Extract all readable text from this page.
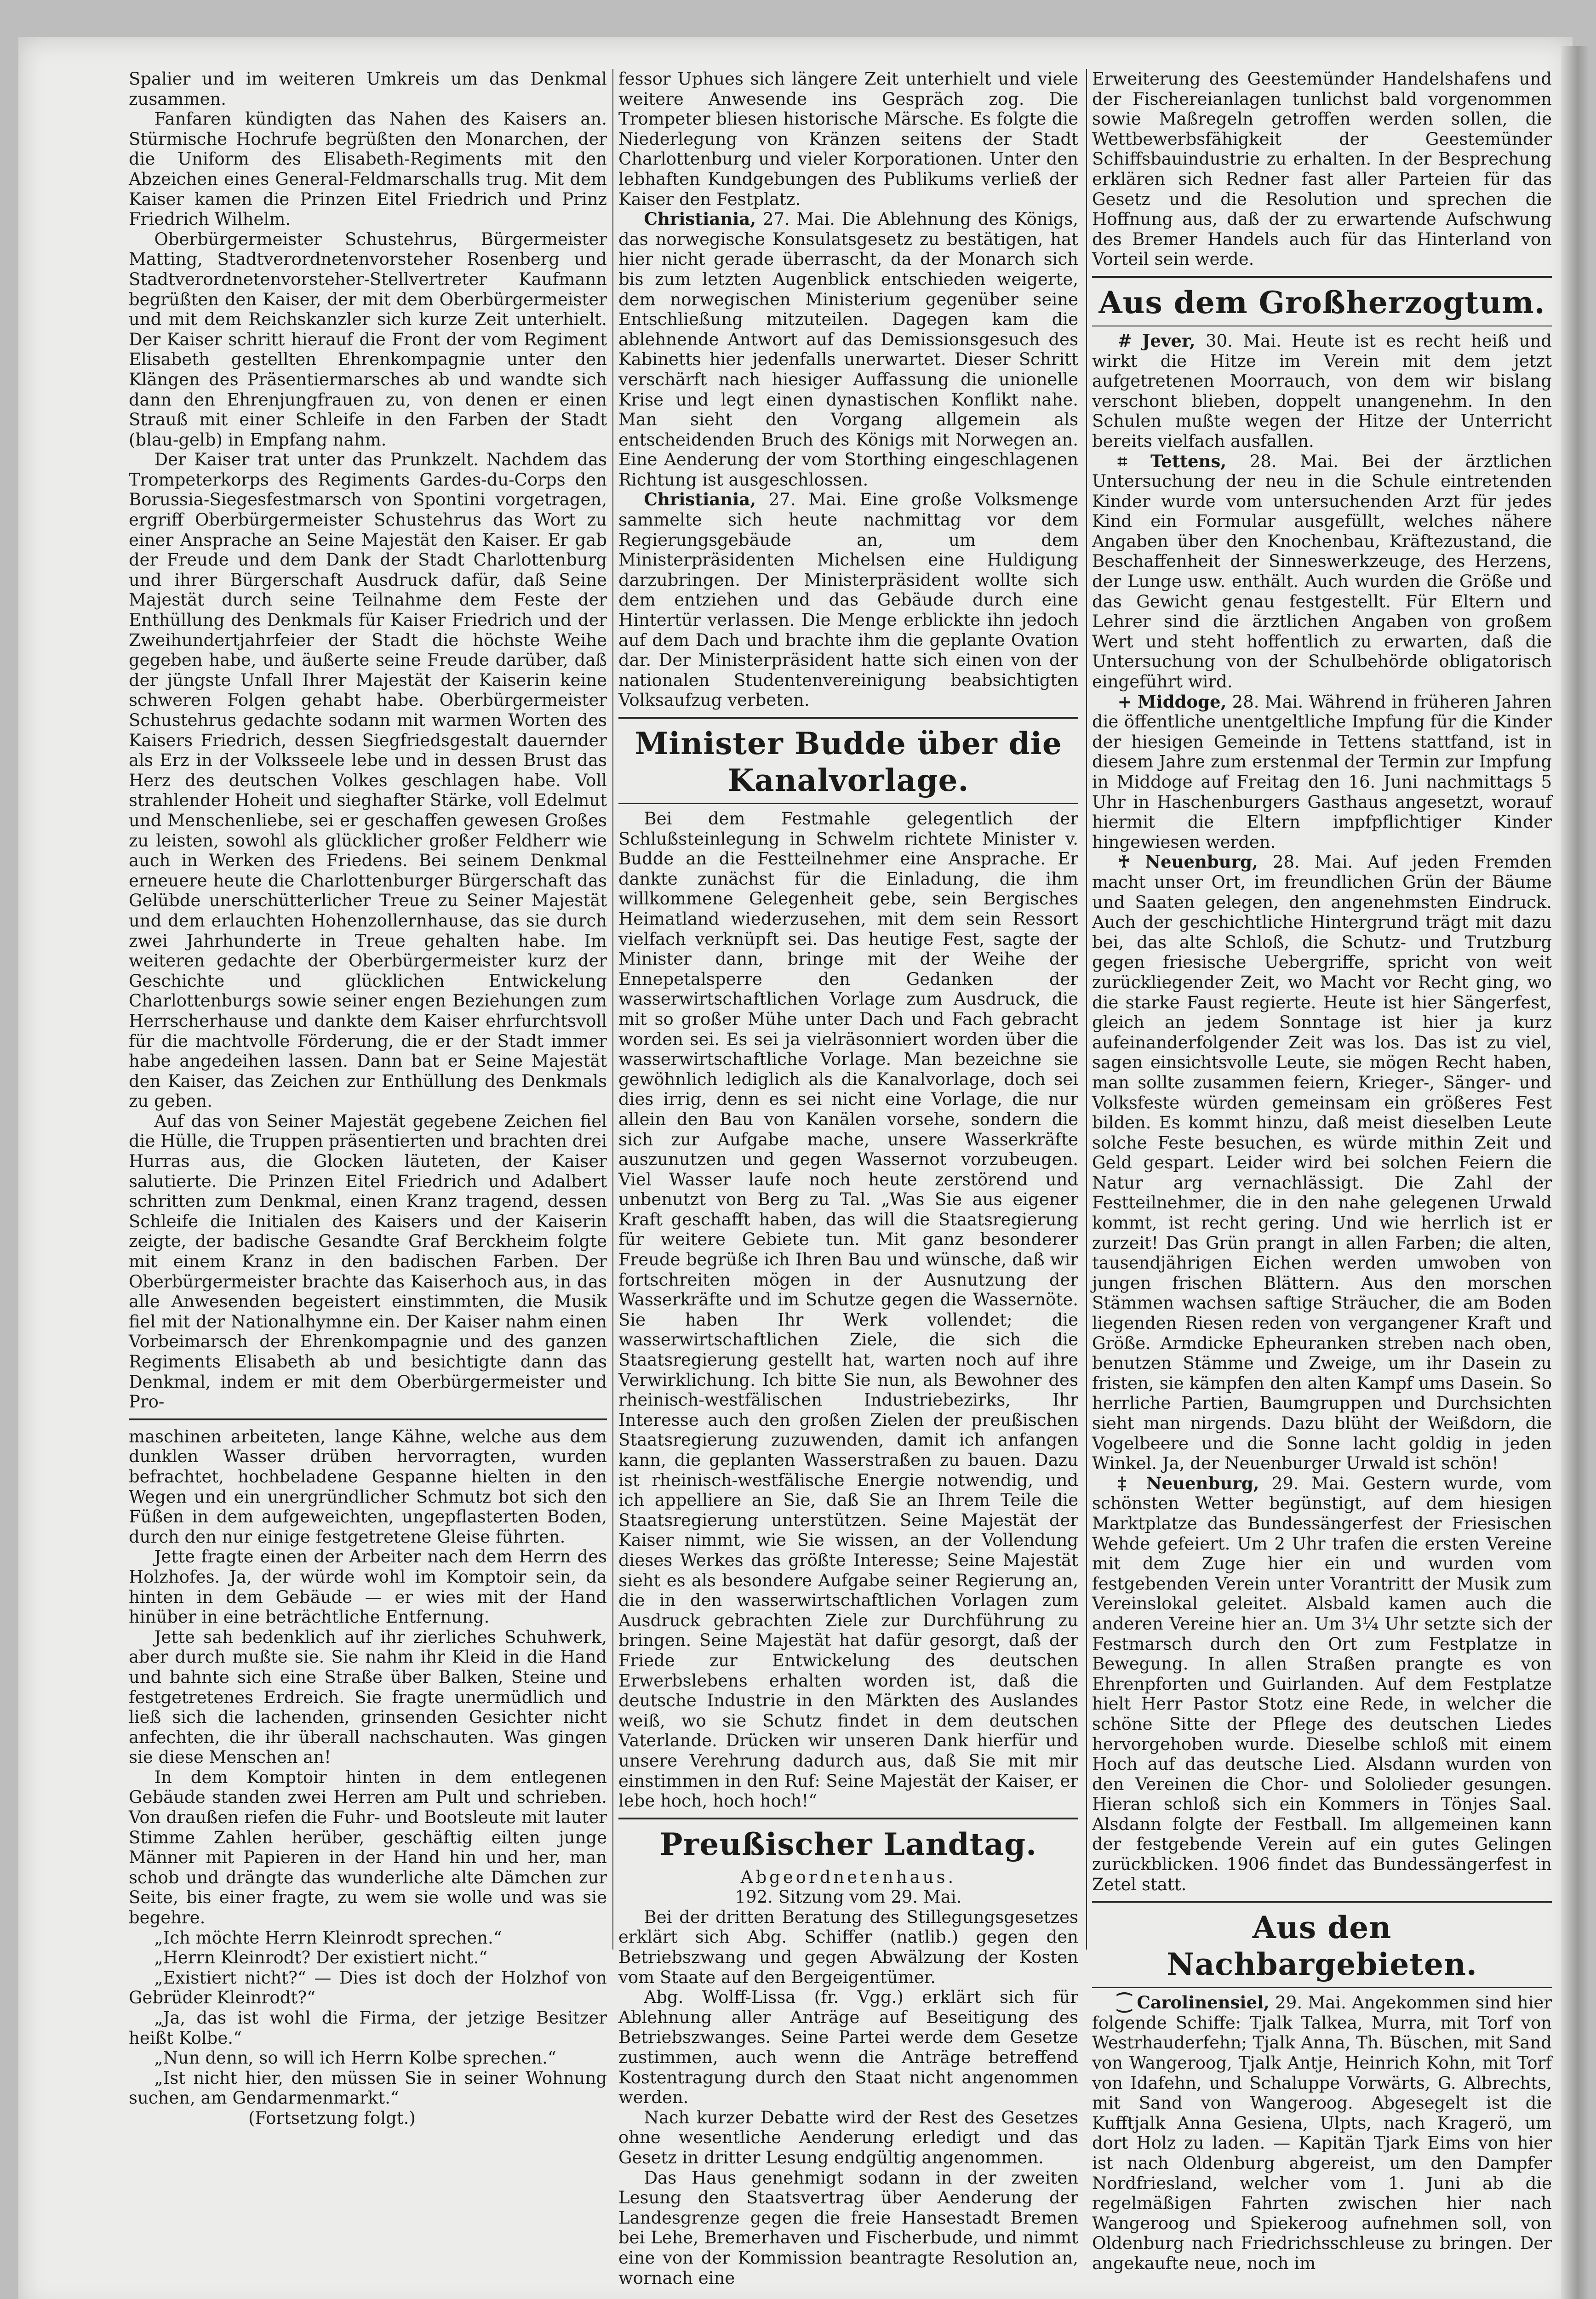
Spalier und im weiteren Umkreis um das Denkmal zusammen.

Fanfaren kündigten das Nahen des Kaisers an. Stürmische Hochrufe begrüßten den Monarchen, der die Uniform des Elisabeth-Regiments mit den Abzeichen eines General-Feldmarschalls trug. Mit dem Kaiser kamen die Prinzen Eitel Friedrich und Prinz Friedrich Wilhelm.

Oberbürgermeister Schustehrus, Bürgermeister Matting, Stadtverordnetenvorsteher Rosenberg und Stadtverordnetenvorsteher-Stellvertreter Kaufmann begrüßten den Kaiser, der mit dem Oberbürgermeister und mit dem Reichskanzler sich kurze Zeit unterhielt. Der Kaiser schritt hierauf die Front der vom Regiment Elisabeth gestellten Ehrenkompagnie unter den Klängen des Präsentiermarsches ab und wandte sich dann den Ehrenjungfrauen zu, von denen er einen Strauß mit einer Schleife in den Farben der Stadt (blau-gelb) in Empfang nahm.

Der Kaiser trat unter das Prunkzelt. Nachdem das Trompeterkorps des Regiments Gardes-du-Corps den Borussia-Siegesfestmarsch von Spontini vorgetragen, ergriff Oberbürgermeister Schustehrus das Wort zu einer Ansprache an Seine Majestät den Kaiser. Er gab der Freude und dem Dank der Stadt Charlottenburg und ihrer Bürgerschaft Ausdruck dafür, daß Seine Majestät durch seine Teilnahme dem Feste der Enthüllung des Denkmals für Kaiser Friedrich und der Zweihundertjahrfeier der Stadt die höchste Weihe gegeben habe, und äußerte seine Freude darüber, daß der jüngste Unfall Ihrer Majestät der Kaiserin keine schweren Folgen gehabt habe. Oberbürgermeister Schustehrus gedachte sodann mit warmen Worten des Kaisers Friedrich, dessen Siegfriedsgestalt dauernder als Erz in der Volksseele lebe und in dessen Brust das Herz des deutschen Volkes geschlagen habe. Voll strahlender Hoheit und sieghafter Stärke, voll Edelmut und Menschenliebe, sei er geschaffen gewesen Großes zu leisten, sowohl als glücklicher großer Feldherr wie auch in Werken des Friedens. Bei seinem Denkmal erneuere heute die Charlottenburger Bürgerschaft das Gelübde unerschütterlicher Treue zu Seiner Majestät und dem erlauchten Hohenzollernhause, das sie durch zwei Jahrhunderte in Treue gehalten habe. Im weiteren gedachte der Oberbürgermeister kurz der Geschichte und glücklichen Entwickelung Charlottenburgs sowie seiner engen Beziehungen zum Herrscherhause und dankte dem Kaiser ehrfurchtsvoll für die machtvolle Förderung, die er der Stadt immer habe angedeihen lassen. Dann bat er Seine Majestät den Kaiser, das Zeichen zur Enthüllung des Denkmals zu geben.

Auf das von Seiner Majestät gegebene Zeichen fiel die Hülle, die Truppen präsentierten und brachten drei Hurras aus, die Glocken läuteten, der Kaiser salutierte. Die Prinzen Eitel Friedrich und Adalbert schritten zum Denkmal, einen Kranz tragend, dessen Schleife die Initialen des Kaisers und der Kaiserin zeigte, der badische Gesandte Graf Berckheim folgte mit einem Kranz in den badischen Farben. Der Oberbürgermeister brachte das Kaiserhoch aus, in das alle Anwesenden begeistert einstimmten, die Musik fiel mit der Nationalhymne ein. Der Kaiser nahm einen Vorbeimarsch der Ehrenkompagnie und des ganzen Regiments Elisabeth ab und besichtigte dann das Denkmal, indem er mit dem Oberbürgermeister und Pro-

maschinen arbeiteten, lange Kähne, welche aus dem dunklen Wasser drüben hervorragten, wurden befrachtet, hochbeladene Gespanne hielten in den Wegen und ein unergründlicher Schmutz bot sich den Füßen in dem aufgeweichten, ungepflasterten Boden, durch den nur einige festgetretene Gleise führten.

Jette fragte einen der Arbeiter nach dem Herrn des Holzhofes. Ja, der würde wohl im Komptoir sein, da hinten in dem Gebäude — er wies mit der Hand hinüber in eine beträchtliche Entfernung.

Jette sah bedenklich auf ihr zierliches Schuhwerk, aber durch mußte sie. Sie nahm ihr Kleid in die Hand und bahnte sich eine Straße über Balken, Steine und festgetretenes Erdreich. Sie fragte unermüdlich und ließ sich die lachenden, grinsenden Gesichter nicht anfechten, die ihr überall nachschauten. Was gingen sie diese Menschen an!

In dem Komptoir hinten in dem entlegenen Gebäude standen zwei Herren am Pult und schrieben. Von draußen riefen die Fuhr- und Bootsleute mit lauter Stimme Zahlen herüber, geschäftig eilten junge Männer mit Papieren in der Hand hin und her, man schob und drängte das wunderliche alte Dämchen zur Seite, bis einer fragte, zu wem sie wolle und was sie begehre.

„Ich möchte Herrn Kleinrodt sprechen.“

„Herrn Kleinrodt? Der existiert nicht.“

„Existiert nicht?“ — Dies ist doch der Holzhof von Gebrüder Kleinrodt?“

„Ja, das ist wohl die Firma, der jetzige Besitzer heißt Kolbe.“

„Nun denn, so will ich Herrn Kolbe sprechen.“

„Ist nicht hier, den müssen Sie in seiner Wohnung suchen, am Gendarmenmarkt.“

(Fortsetzung folgt.)

fessor Uphues sich längere Zeit unterhielt und viele weitere Anwesende ins Gespräch zog. Die Trompeter bliesen historische Märsche. Es folgte die Niederlegung von Kränzen seitens der Stadt Charlottenburg und vieler Korporationen. Unter den lebhaften Kundgebungen des Publikums verließ der Kaiser den Festplatz.

Christiania, 27. Mai. Die Ablehnung des Königs, das norwegische Konsulatsgesetz zu bestätigen, hat hier nicht gerade überrascht, da der Monarch sich bis zum letzten Augenblick entschieden weigerte, dem norwegischen Ministerium gegenüber seine Entschließung mitzuteilen. Dagegen kam die ablehnende Antwort auf das Demissionsgesuch des Kabinetts hier jedenfalls unerwartet. Dieser Schritt verschärft nach hiesiger Auffassung die unionelle Krise und legt einen dynastischen Konflikt nahe. Man sieht den Vorgang allgemein als entscheidenden Bruch des Königs mit Norwegen an. Eine Aenderung der vom Storthing eingeschlagenen Richtung ist ausgeschlossen.

Christiania, 27. Mai. Eine große Volksmenge sammelte sich heute nachmittag vor dem Regierungsgebäude an, um dem Ministerpräsidenten Michelsen eine Huldigung darzubringen. Der Ministerpräsident wollte sich dem entziehen und das Gebäude durch eine Hintertür verlassen. Die Menge erblickte ihn jedoch auf dem Dach und brachte ihm die geplante Ovation dar. Der Ministerpräsident hatte sich einen von der nationalen Studentenvereinigung beabsichtigten Volksaufzug verbeten.

Minister Budde über die Kanalvorlage.

Bei dem Festmahle gelegentlich der Schlußsteinlegung in Schwelm richtete Minister v. Budde an die Festteilnehmer eine Ansprache. Er dankte zunächst für die Einladung, die ihm willkommene Gelegenheit gebe, sein Bergisches Heimatland wiederzusehen, mit dem sein Ressort vielfach verknüpft sei. Das heutige Fest, sagte der Minister dann, bringe mit der Weihe der Ennepetalsperre den Gedanken der wasserwirtschaftlichen Vorlage zum Ausdruck, die mit so großer Mühe unter Dach und Fach gebracht worden sei. Es sei ja vielräsonniert worden über die wasserwirtschaftliche Vorlage. Man bezeichne sie gewöhnlich lediglich als die Kanalvorlage, doch sei dies irrig, denn es sei nicht eine Vorlage, die nur allein den Bau von Kanälen vorsehe, sondern die sich zur Aufgabe mache, unsere Wasserkräfte auszunutzen und gegen Wassernot vorzubeugen. Viel Wasser laufe noch heute zerstörend und unbenutzt von Berg zu Tal. „Was Sie aus eigener Kraft geschafft haben, das will die Staatsregierung für weitere Gebiete tun. Mit ganz besonderer Freude begrüße ich Ihren Bau und wünsche, daß wir fortschreiten mögen in der Ausnutzung der Wasserkräfte und im Schutze gegen die Wassernöte. Sie haben Ihr Werk vollendet; die wasserwirtschaftlichen Ziele, die sich die Staatsregierung gestellt hat, warten noch auf ihre Verwirklichung. Ich bitte Sie nun, als Bewohner des rheinisch-westfälischen Industriebezirks, Ihr Interesse auch den großen Zielen der preußischen Staatsregierung zuzuwenden, damit ich anfangen kann, die geplanten Wasserstraßen zu bauen. Dazu ist rheinisch-westfälische Energie notwendig, und ich appelliere an Sie, daß Sie an Ihrem Teile die Staatsregierung unterstützen. Seine Majestät der Kaiser nimmt, wie Sie wissen, an der Vollendung dieses Werkes das größte Interesse; Seine Majestät sieht es als besondere Aufgabe seiner Regierung an, die in den wasserwirtschaftlichen Vorlagen zum Ausdruck gebrachten Ziele zur Durchführung zu bringen. Seine Majestät hat dafür gesorgt, daß der Friede zur Entwickelung des deutschen Erwerbslebens erhalten worden ist, daß die deutsche Industrie in den Märkten des Auslandes weiß, wo sie Schutz findet in dem deutschen Vaterlande. Drücken wir unseren Dank hierfür und unsere Verehrung dadurch aus, daß Sie mit mir einstimmen in den Ruf: Seine Majestät der Kaiser, er lebe hoch, hoch hoch!“

Preußischer Landtag.

Abgeordnetenhaus.

192. Sitzung vom 29. Mai.

Bei der dritten Beratung des Stillegungsgesetzes erklärt sich Abg. Schiffer (natlib.) gegen den Betriebszwang und gegen Abwälzung der Kosten vom Staate auf den Bergeigentümer.

Abg. Wolff-Lissa (fr. Vgg.) erklärt sich für Ablehnung aller Anträge auf Beseitigung des Betriebszwanges. Seine Partei werde dem Gesetze zustimmen, auch wenn die Anträge betreffend Kostentragung durch den Staat nicht angenommen werden.

Nach kurzer Debatte wird der Rest des Gesetzes ohne wesentliche Aenderung erledigt und das Gesetz in dritter Lesung endgültig angenommen.

Das Haus genehmigt sodann in der zweiten Lesung den Staatsvertrag über Aenderung der Landesgrenze gegen die freie Hansestadt Bremen bei Lehe, Bremerhaven und Fischerbude, und nimmt eine von der Kommission beantragte Resolution an, wornach eine

Erweiterung des Geestemünder Handelshafens und der Fischereianlagen tunlichst bald vorgenommen sowie Maßregeln getroffen werden sollen, die Wettbewerbsfähigkeit der Geestemünder Schiffsbauindustrie zu erhalten. In der Besprechung erklären sich Redner fast aller Parteien für das Gesetz und die Resolution und sprechen die Hoffnung aus, daß der zu erwartende Aufschwung des Bremer Handels auch für das Hinterland von Vorteil sein werde.

Aus dem Großherzogtum.

# Jever, 30. Mai. Heute ist es recht heiß und wirkt die Hitze im Verein mit dem jetzt aufgetretenen Moorrauch, von dem wir bislang verschont blieben, doppelt unangenehm. In den Schulen mußte wegen der Hitze der Unterricht bereits vielfach ausfallen.

⌗ Tettens, 28. Mai. Bei der ärztlichen Untersuchung der neu in die Schule eintretenden Kinder wurde vom untersuchenden Arzt für jedes Kind ein Formular ausgefüllt, welches nähere Angaben über den Knochenbau, Kräftezustand, die Beschaffenheit der Sinneswerkzeuge, des Herzens, der Lunge usw. enthält. Auch wurden die Größe und das Gewicht genau festgestellt. Für Eltern und Lehrer sind die ärztlichen Angaben von großem Wert und steht hoffentlich zu erwarten, daß die Untersuchung von der Schulbehörde obligatorisch eingeführt wird.

+ Middoge, 28. Mai. Während in früheren Jahren die öffentliche unentgeltliche Impfung für die Kinder der hiesigen Gemeinde in Tettens stattfand, ist in diesem Jahre zum erstenmal der Termin zur Impfung in Middoge auf Freitag den 16. Juni nachmittags 5 Uhr in Haschenburgers Gasthaus angesetzt, worauf hiermit die Eltern impfpflichtiger Kinder hingewiesen werden.

♰ Neuenburg, 28. Mai. Auf jeden Fremden macht unser Ort, im freundlichen Grün der Bäume und Saaten gelegen, den angenehmsten Eindruck. Auch der geschichtliche Hintergrund trägt mit dazu bei, das alte Schloß, die Schutz- und Trutzburg gegen friesische Uebergriffe, spricht von weit zurückliegender Zeit, wo Macht vor Recht ging, wo die starke Faust regierte. Heute ist hier Sängerfest, gleich an jedem Sonntage ist hier ja kurz aufeinanderfolgender Zeit was los. Das ist zu viel, sagen einsichtsvolle Leute, sie mögen Recht haben, man sollte zusammen feiern, Krieger-, Sänger- und Volksfeste würden gemeinsam ein größeres Fest bilden. Es kommt hinzu, daß meist dieselben Leute solche Feste besuchen, es würde mithin Zeit und Geld gespart. Leider wird bei solchen Feiern die Natur arg vernachlässigt. Die Zahl der Festteilnehmer, die in den nahe gelegenen Urwald kommt, ist recht gering. Und wie herrlich ist er zurzeit! Das Grün prangt in allen Farben; die alten, tausendjährigen Eichen werden umwoben von jungen frischen Blättern. Aus den morschen Stämmen wachsen saftige Sträucher, die am Boden liegenden Riesen reden von vergangener Kraft und Größe. Armdicke Epheuranken streben nach oben, benutzen Stämme und Zweige, um ihr Dasein zu fristen, sie kämpfen den alten Kampf ums Dasein. So herrliche Partien, Baumgruppen und Durchsichten sieht man nirgends. Dazu blüht der Weißdorn, die Vogelbeere und die Sonne lacht goldig in jeden Winkel. Ja, der Neuenburger Urwald ist schön!

‡ Neuenburg, 29. Mai. Gestern wurde, vom schönsten Wetter begünstigt, auf dem hiesigen Marktplatze das Bundessängerfest der Friesischen Wehde gefeiert. Um 2 Uhr trafen die ersten Vereine mit dem Zuge hier ein und wurden vom festgebenden Verein unter Vorantritt der Musik zum Vereinslokal geleitet. Alsbald kamen auch die anderen Vereine hier an. Um 3¼ Uhr setzte sich der Festmarsch durch den Ort zum Festplatze in Bewegung. In allen Straßen prangte es von Ehrenpforten und Guirlanden. Auf dem Festplatze hielt Herr Pastor Stotz eine Rede, in welcher die schöne Sitte der Pflege des deutschen Liedes hervorgehoben wurde. Dieselbe schloß mit einem Hoch auf das deutsche Lied. Alsdann wurden von den Vereinen die Chor- und Sololieder gesungen. Hieran schloß sich ein Kommers in Tönjes Saal. Alsdann folgte der Festball. Im allgemeinen kann der festgebende Verein auf ein gutes Gelingen zurückblicken. 1906 findet das Bundessängerfest in Zetel statt.

Aus den Nachbargebieten.

⁐ Carolinensiel, 29. Mai. Angekommen sind hier folgende Schiffe: Tjalk Talkea, Murra, mit Torf von Westrhauderfehn; Tjalk Anna, Th. Büschen, mit Sand von Wangeroog, Tjalk Antje, Heinrich Kohn, mit Torf von Idafehn, und Schaluppe Vorwärts, G. Albrechts, mit Sand von Wangeroog. Abgesegelt ist die Kufftjalk Anna Gesiena, Ulpts, nach Kragerö, um dort Holz zu laden. — Kapitän Tjark Eims von hier ist nach Oldenburg abgereist, um den Dampfer Nordfriesland, welcher vom 1. Juni ab die regelmäßigen Fahrten zwischen hier nach Wangeroog und Spiekeroog aufnehmen soll, von Oldenburg nach Friedrichsschleuse zu bringen. Der angekaufte neue, noch im
